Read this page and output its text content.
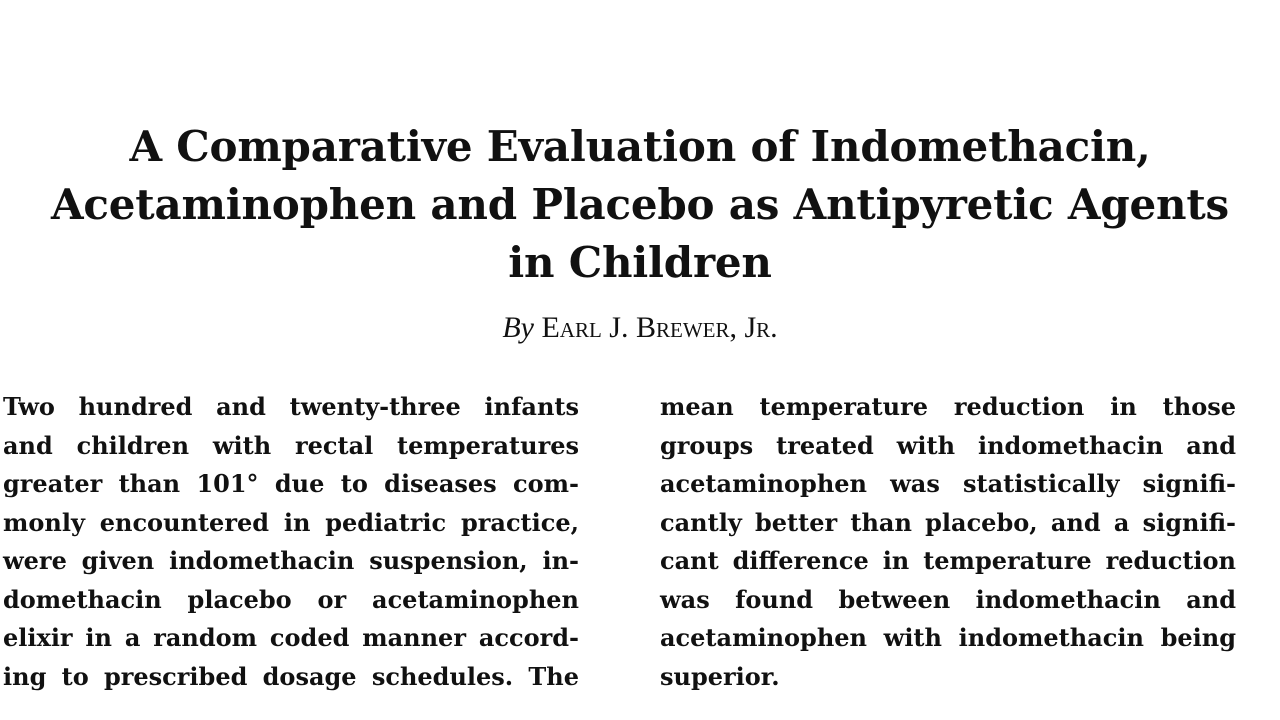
A Comparative Evaluation of Indomethacin,
Acetaminophen and Placebo as Antipyretic Agents
in Children
By Earl J. Brewer, Jr.
Two hundred and twenty-three infants
and children with rectal temperatures
greater than 101° due to diseases com-
monly encountered in pediatric practice,
were given indomethacin suspension, in-
domethacin placebo or acetaminophen
elixir in a random coded manner accord-
ing to prescribed dosage schedules. The
mean temperature reduction in those
groups treated with indomethacin and
acetaminophen was statistically signifi-
cantly better than placebo, and a signifi-
cant difference in temperature reduction
was found between indomethacin and
acetaminophen with indomethacin being
superior.
